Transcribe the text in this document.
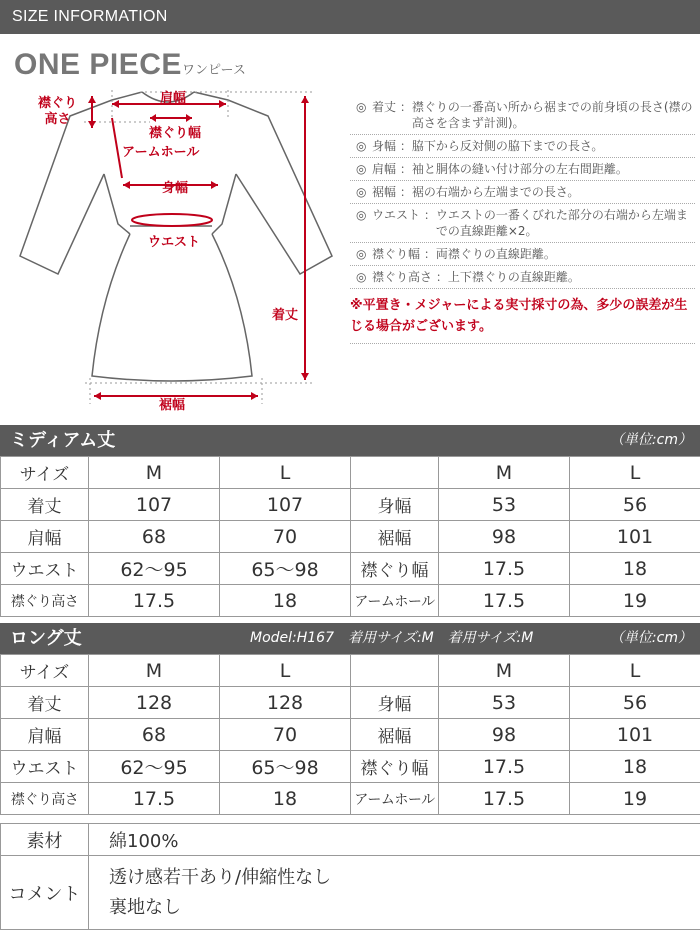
SIZE INFORMATION
ONE PIECE ワンピース
襟ぐり
高さ
肩幅
襟ぐり幅
アームホール
身幅
ウエスト
着丈
裾幅
◎ 着丈 ： 襟ぐりの一番高い所から裾までの前身頃の長さ(襟の高さを含まず計測)。
◎ 身幅 ： 脇下から反対側の脇下までの長さ。
◎ 肩幅 ： 袖と胴体の縫い付け部分の左右間距離。
◎ 裾幅 ： 裾の右端から左端までの長さ。
◎ ウエスト ： ウエストの一番くびれた部分の右端から左端までの直線距離×2。
◎ 襟ぐり幅 ： 両襟ぐりの直線距離。
◎ 襟ぐり高さ ： 上下襟ぐりの直線距離。
※平置き・メジャーによる実寸採寸の為、多少の誤差が生じる場合がございます。
ミディアム丈	（単位:cm）
サイズ	M	L		M	L
着丈	107	107	身幅	53	56
肩幅	68	70	裾幅	98	101
ウエスト	62～95	65～98	襟ぐり幅	17.5	18
襟ぐり高さ	17.5	18	アームホール	17.5	19
ロング丈	Model:H167　着用サイズ:M　着用サイズ:M	（単位:cm）
サイズ	M	L		M	L
着丈	128	128	身幅	53	56
肩幅	68	70	裾幅	98	101
ウエスト	62～95	65～98	襟ぐり幅	17.5	18
襟ぐり高さ	17.5	18	アームホール	17.5	19
素材	綿100%
コメント	透け感若干あり/伸縮性なし
裏地なし
